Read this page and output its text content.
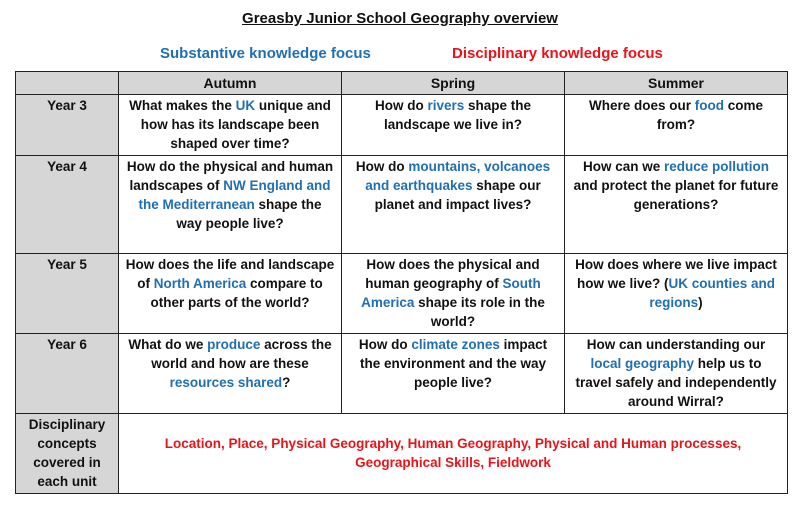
Greasby Junior School Geography overview
Substantive knowledge focus	Disciplinary knowledge focus
	Autumn	Spring	Summer
Year 3	What makes the UK unique and how has its landscape been shaped over time?	How do rivers shape the landscape we live in?	Where does our food come from?
Year 4	How do the physical and human landscapes of NW England and the Mediterranean shape the way people live?	How do mountains, volcanoes and earthquakes shape our planet and impact lives?	How can we reduce pollution and protect the planet for future generations?
Year 5	How does the life and landscape of North America compare to other parts of the world?	How does the physical and human geography of South America shape its role in the world?	How does where we live impact how we live? (UK counties and regions)
Year 6	What do we produce across the world and how are these resources shared?	How do climate zones impact the environment and the way people live?	How can understanding our local geography help us to travel safely and independently around Wirral?
Disciplinary concepts covered in each unit	Location, Place, Physical Geography, Human Geography, Physical and Human processes,
Geographical Skills, Fieldwork		
